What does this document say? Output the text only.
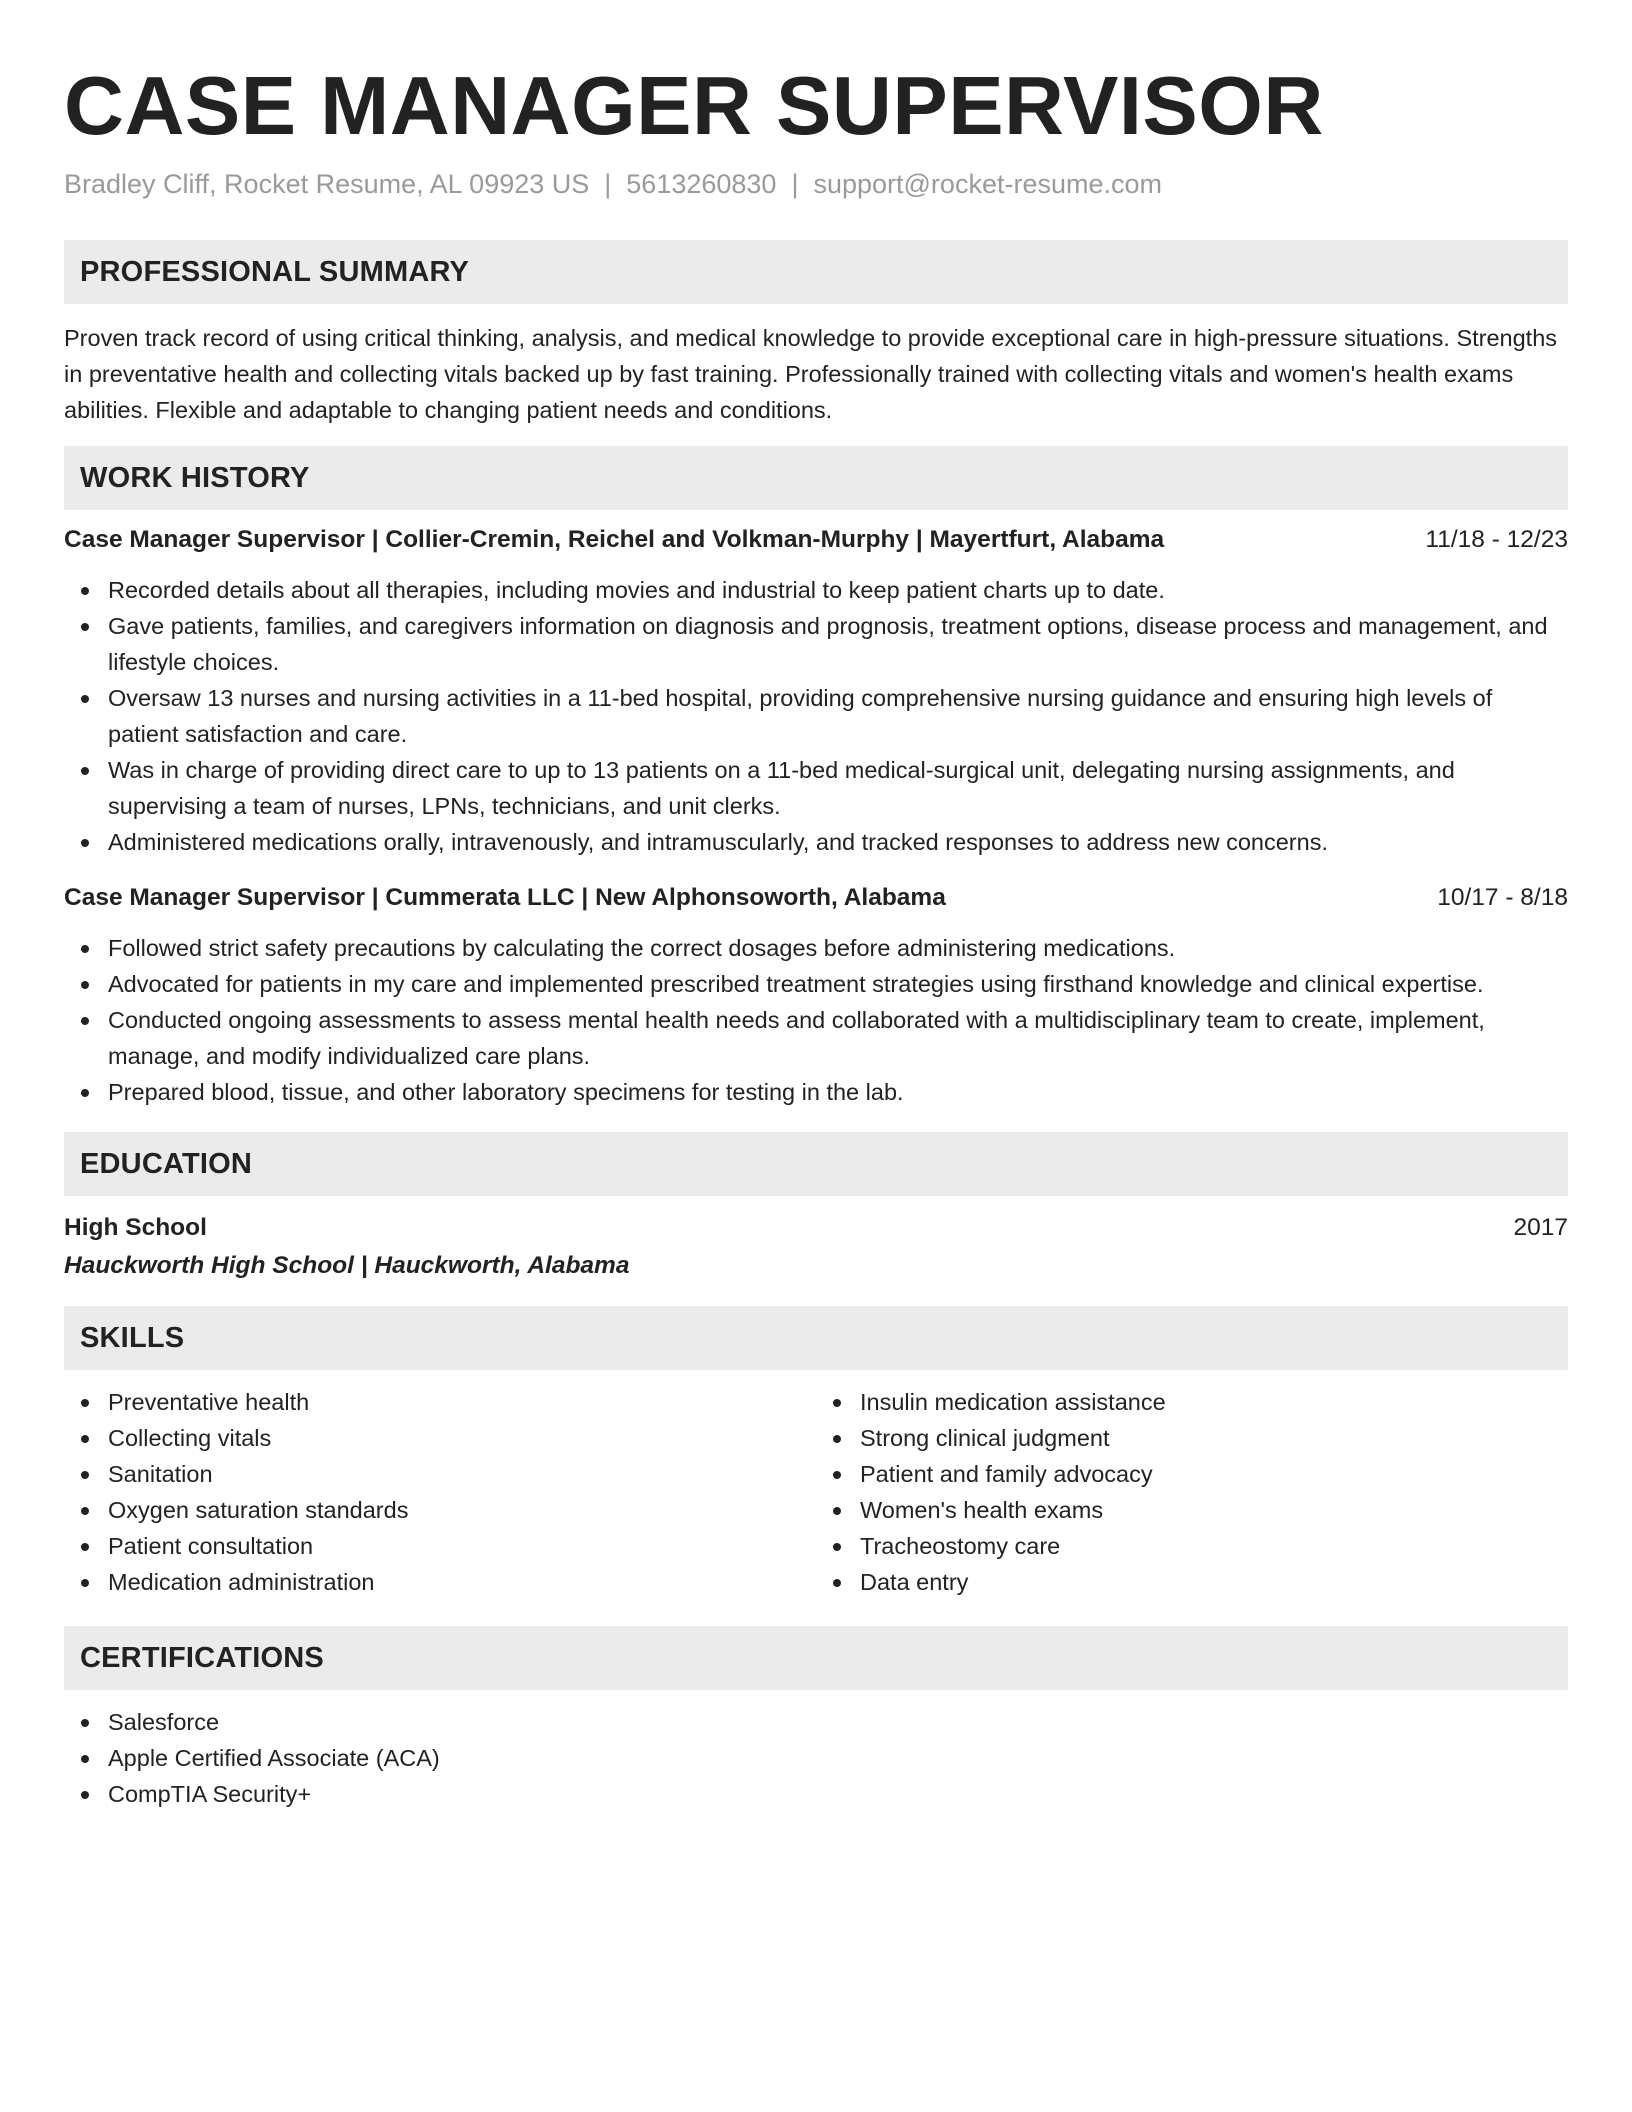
CASE MANAGER SUPERVISOR
Bradley Cliff, Rocket Resume, AL 09923 US | 5613260830 | support@rocket-resume.com
PROFESSIONAL SUMMARY

Proven track record of using critical thinking, analysis, and medical knowledge to provide exceptional care in high-pressure situations. Strengths in preventative health and collecting vitals backed up by fast training. Professionally trained with collecting vitals and women's health exams abilities. Flexible and adaptable to changing patient needs and conditions.

WORK HISTORY
Case Manager Supervisor | Collier-Cremin, Reichel and Volkman-Murphy | Mayertfurt, Alabama	11/18 - 12/23
Recorded details about all therapies, including movies and industrial to keep patient charts up to date.
Gave patients, families, and caregivers information on diagnosis and prognosis, treatment options, disease process and management, and lifestyle choices.
Oversaw 13 nurses and nursing activities in a 11-bed hospital, providing comprehensive nursing guidance and ensuring high levels of patient satisfaction and care.
Was in charge of providing direct care to up to 13 patients on a 11-bed medical-surgical unit, delegating nursing assignments, and supervising a team of nurses, LPNs, technicians, and unit clerks.
Administered medications orally, intravenously, and intramuscularly, and tracked responses to address new concerns.
Case Manager Supervisor | Cummerata LLC | New Alphonsoworth, Alabama	10/17 - 8/18
Followed strict safety precautions by calculating the correct dosages before administering medications.
Advocated for patients in my care and implemented prescribed treatment strategies using firsthand knowledge and clinical expertise.
Conducted ongoing assessments to assess mental health needs and collaborated with a multidisciplinary team to create, implement, manage, and modify individualized care plans.
Prepared blood, tissue, and other laboratory specimens for testing in the lab.
EDUCATION
High School	2017
Hauckworth High School | Hauckworth, Alabama
SKILLS
Preventative health
Collecting vitals
Sanitation
Oxygen saturation standards
Patient consultation
Medication administration
Insulin medication assistance
Strong clinical judgment
Patient and family advocacy
Women's health exams
Tracheostomy care
Data entry
CERTIFICATIONS
Salesforce
Apple Certified Associate (ACA)
CompTIA Security+
